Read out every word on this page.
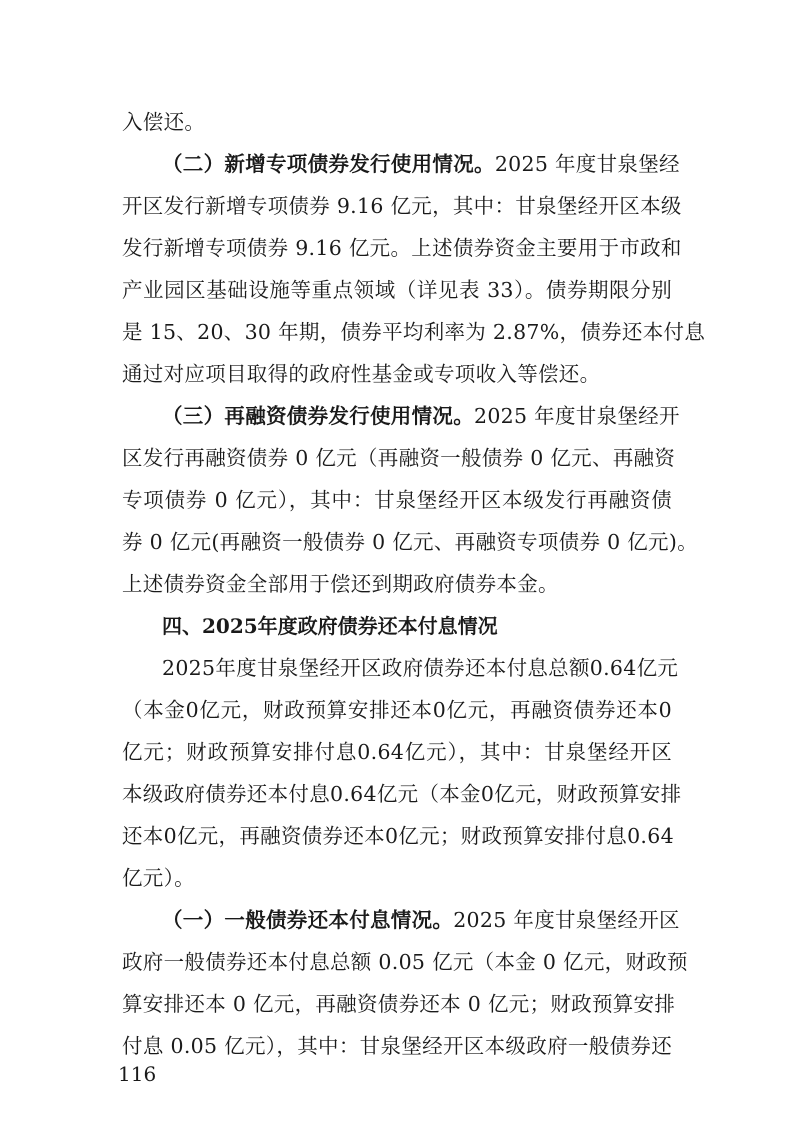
入偿还。
（二）新增专项债券发行使用情况。2025 年度甘泉堡经
开区发行新增专项债券 9.16 亿元，其中：甘泉堡经开区本级
发行新增专项债券 9.16 亿元。上述债券资金主要用于市政和
产业园区基础设施等重点领域（详见表 33）。债券期限分别
是 15、20、30 年期，债券平均利率为 2.87%，债券还本付息
通过对应项目取得的政府性基金或专项收入等偿还。
（三）再融资债券发行使用情况。2025 年度甘泉堡经开
区发行再融资债券 0 亿元（再融资一般债券 0 亿元、再融资
专项债券 0 亿元），其中：甘泉堡经开区本级发行再融资债
券 0 亿元(再融资一般债券 0 亿元、再融资专项债券 0 亿元)。
上述债券资金全部用于偿还到期政府债券本金。
四、2025年度政府债券还本付息情况
2025年度甘泉堡经开区政府债券还本付息总额0.64亿元
（本金0亿元，财政预算安排还本0亿元，再融资债券还本0
亿元；财政预算安排付息0.64亿元），其中：甘泉堡经开区
本级政府债券还本付息0.64亿元（本金0亿元，财政预算安排
还本0亿元，再融资债券还本0亿元；财政预算安排付息0.64
亿元）。
（一）一般债券还本付息情况。2025 年度甘泉堡经开区
政府一般债券还本付息总额 0.05 亿元（本金 0 亿元，财政预
算安排还本 0 亿元，再融资债券还本 0 亿元；财政预算安排
付息 0.05 亿元），其中：甘泉堡经开区本级政府一般债券还
116
